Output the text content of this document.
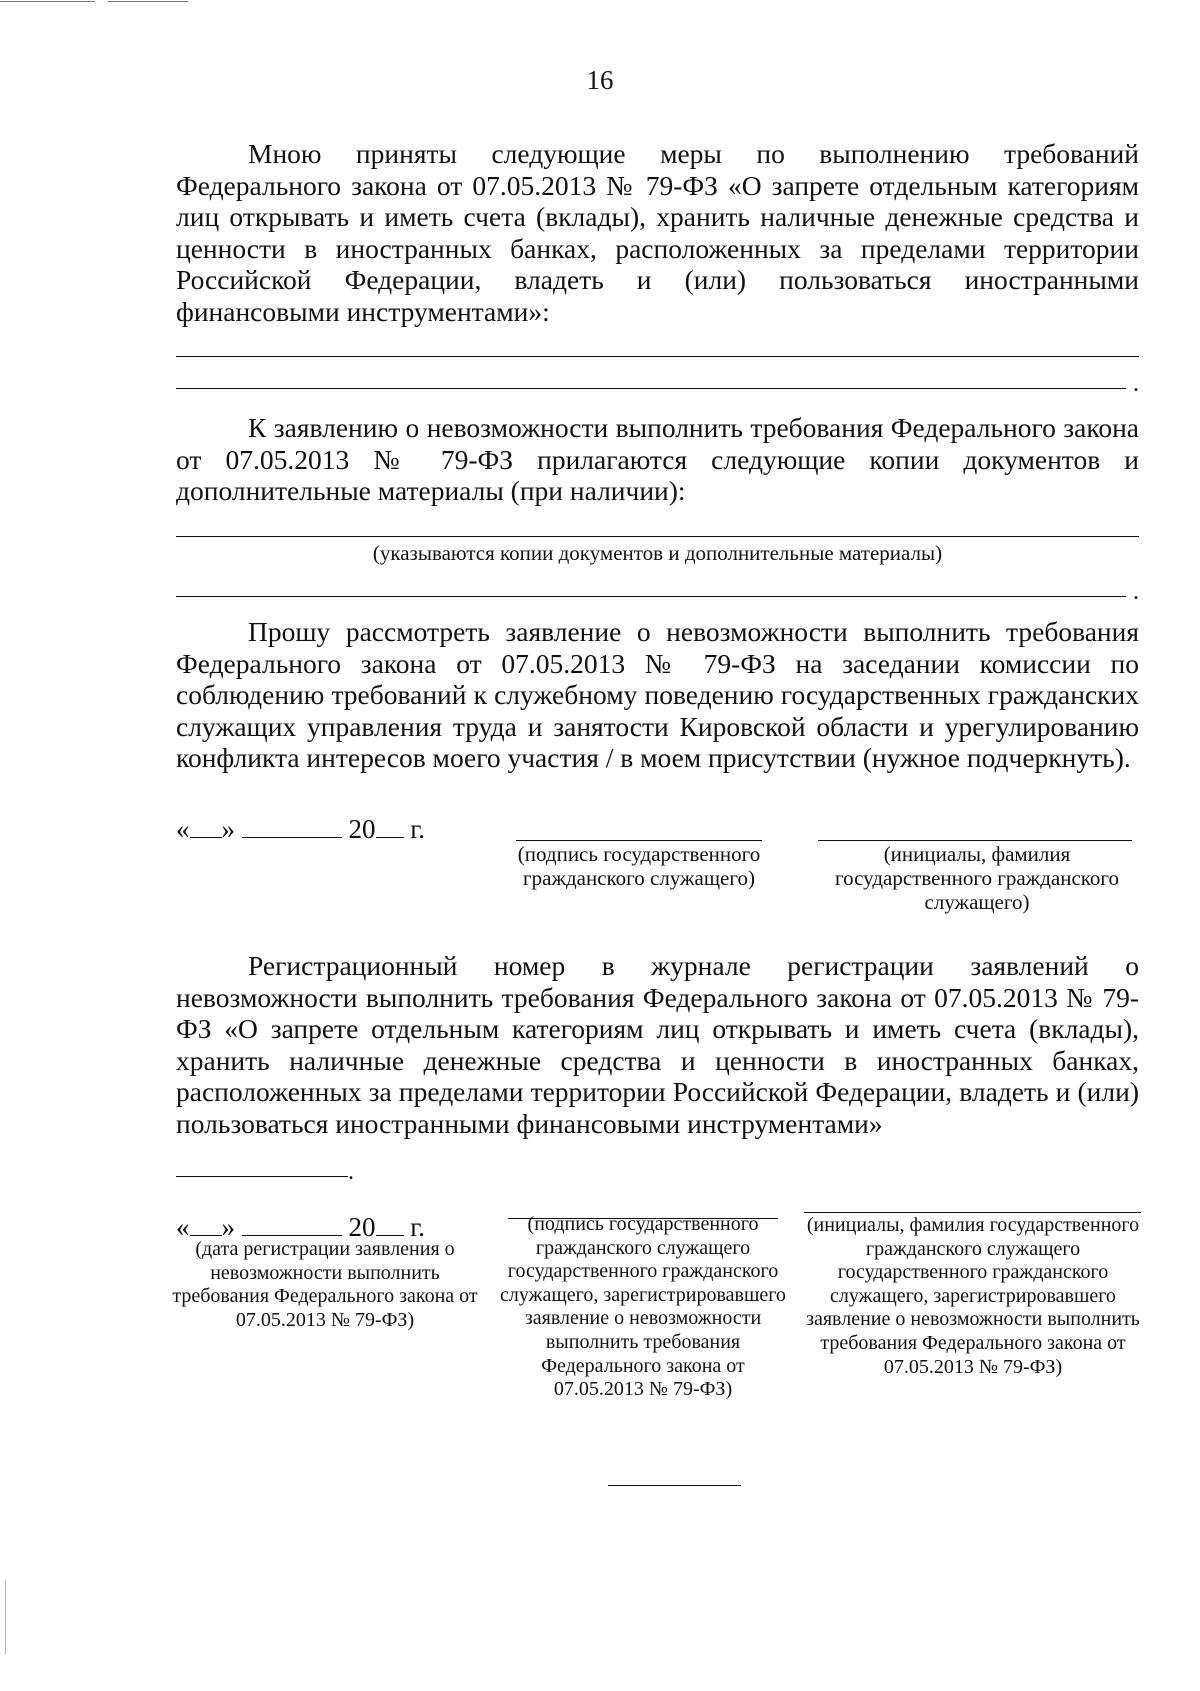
16
Мною приняты следующие меры по выполнению требований Федерального закона от 07.05.2013 № 79-ФЗ «О запрете отдельным категориям лиц открывать и иметь счета (вклады), хранить наличные денежные средства и ценности в иностранных банках, расположенных за пределами территории Российской Федерации, владеть и (или) пользоваться иностранными финансовыми инструментами»:
.
К заявлению о невозможности выполнить требования Федерального закона от 07.05.2013 № 79-ФЗ прилагаются следующие копии документов и дополнительные материалы (при наличии):
(указываются копии документов и дополнительные материалы)
.
Прошу рассмотреть заявление о невозможности выполнить требования Федерального закона от 07.05.2013 № 79-ФЗ на заседании комиссии по соблюдению требований к служебному поведению государственных гражданских служащих управления труда и занятости Кировской области и урегулированию конфликта интересов моего участия / в моем присутствии (нужное подчеркнуть).
« »	20 г.
(подпись государственного гражданского служащего)
(инициалы, фамилия государственного гражданского служащего)
Регистрационный номер в журнале регистрации заявлений о невозможности выполнить требования Федерального закона от 07.05.2013 № 79-ФЗ «О запрете отдельным категориям лиц открывать и иметь счета (вклады), хранить наличные денежные средства и ценности в иностранных банках, расположенных за пределами территории Российской Федерации, владеть и (или) пользоваться иностранными финансовыми инструментами»
.
« »	20 г.
(дата регистрации заявления о невозможности выполнить требования Федерального закона от 07.05.2013 № 79-ФЗ)
(подпись государственного гражданского служащего государственного гражданского служащего, зарегистрировавшего заявление о невозможности выполнить требования Федерального закона от 07.05.2013 № 79-ФЗ)
(инициалы, фамилия государственного гражданского служащего государственного гражданского служащего, зарегистрировавшего заявление о невозможности выполнить требования Федерального закона от 07.05.2013 № 79-ФЗ)
